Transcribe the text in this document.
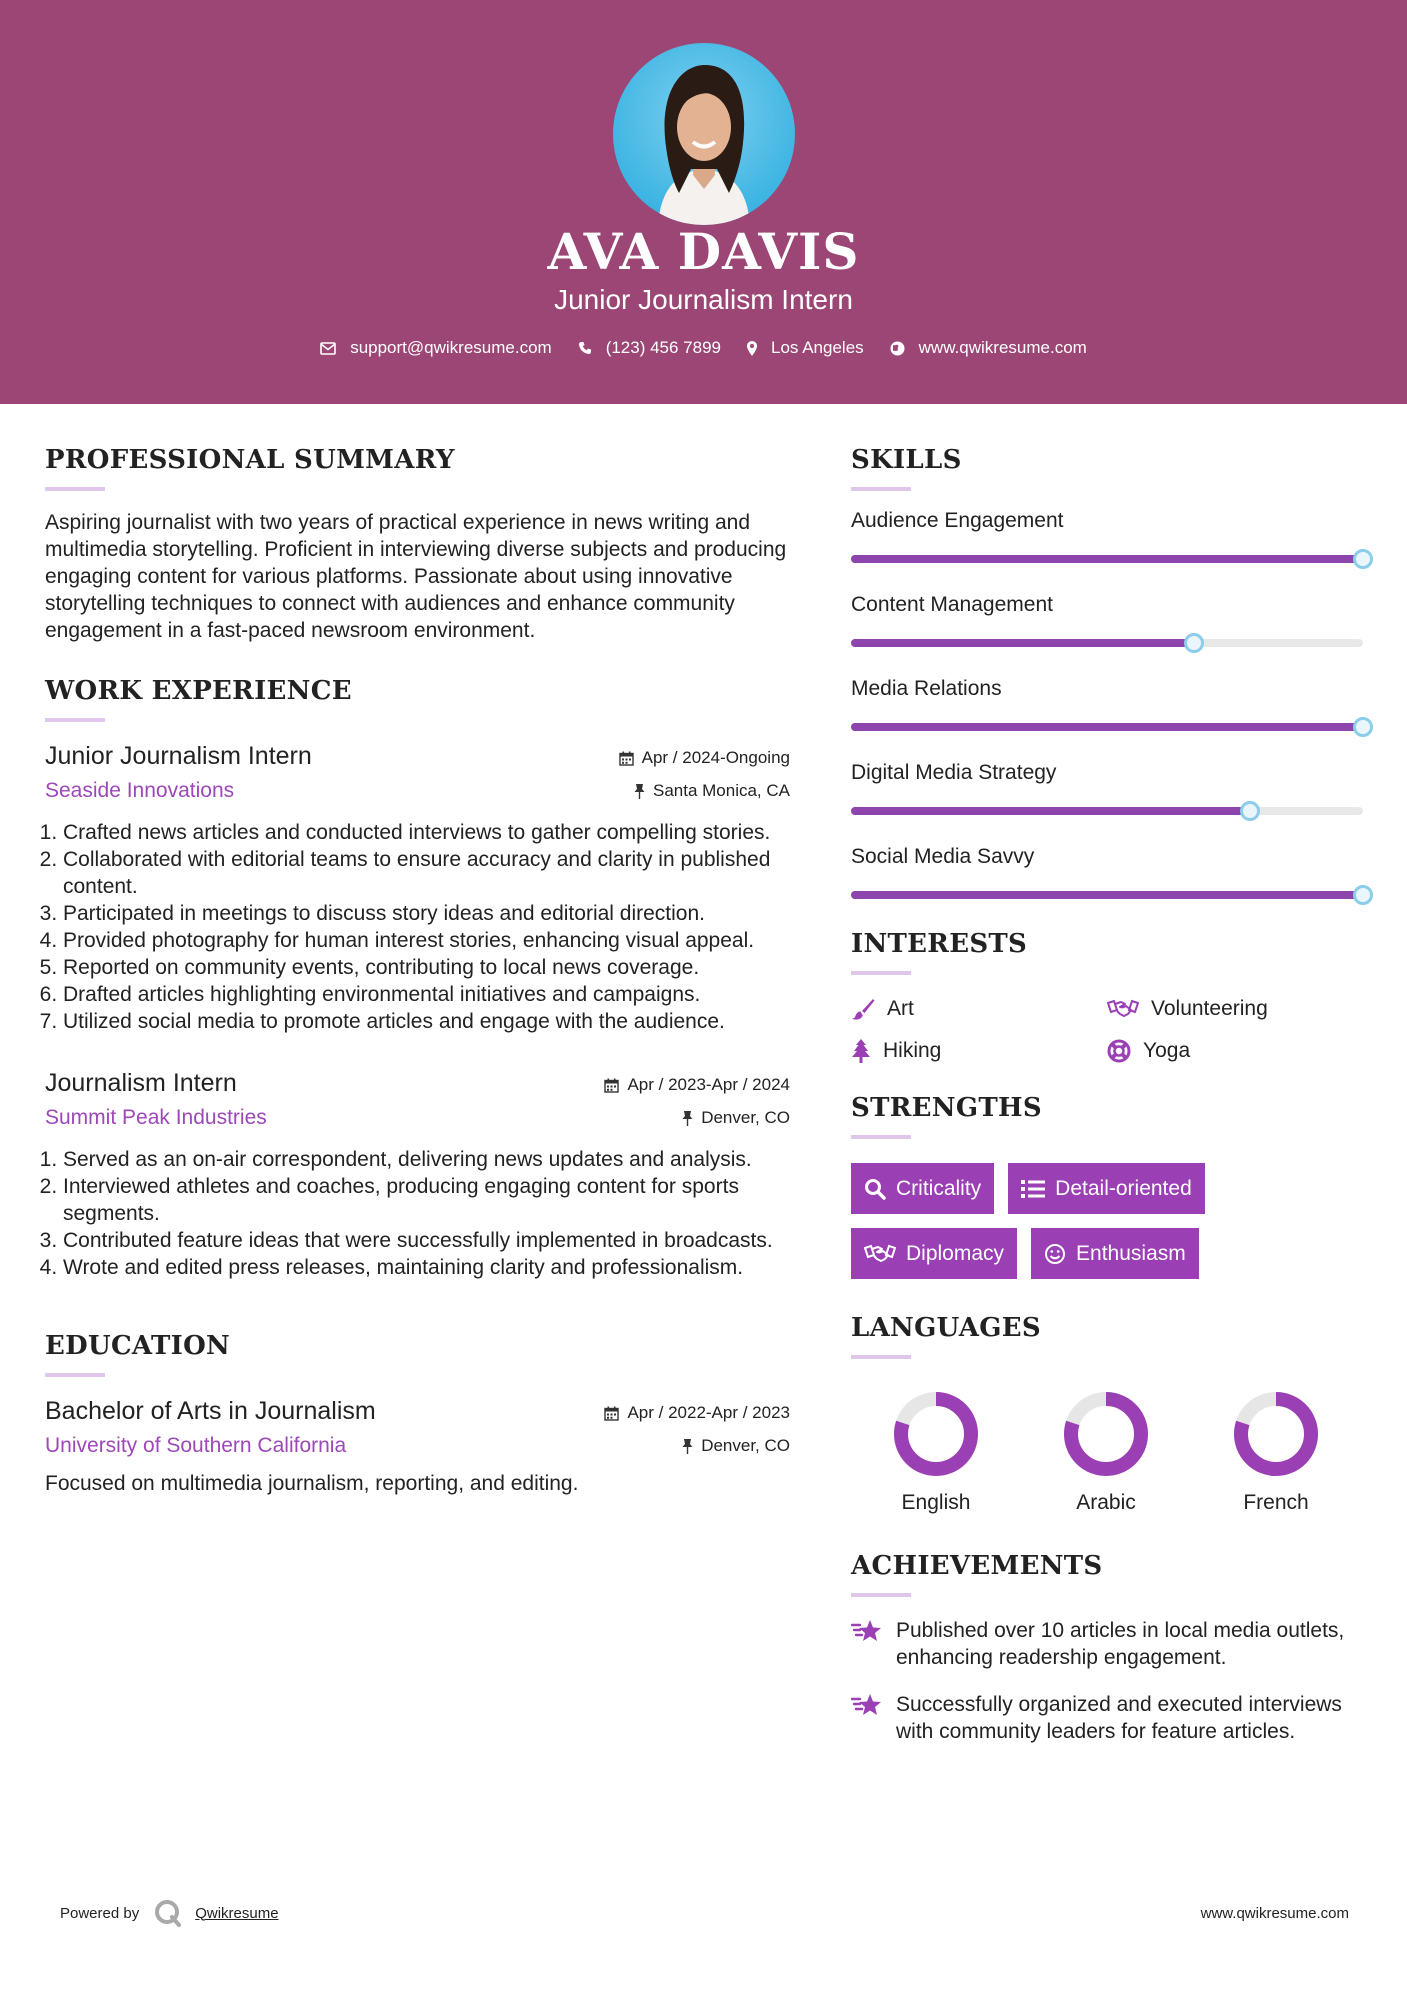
AVA DAVIS
Junior Journalism Intern
support@qwikresume.com	(123) 456 7899	Los Angeles	www.qwikresume.com
PROFESSIONAL SUMMARY

Aspiring journalist with two years of practical experience in news writing and multimedia storytelling. Proficient in interviewing diverse subjects and producing engaging content for various platforms. Passionate about using innovative storytelling techniques to connect with audiences and enhance community engagement in a fast-paced newsroom environment.

WORK EXPERIENCE
Junior Journalism Intern
Seaside Innovations
Apr / 2024-Ongoing
Santa Monica, CA
1. Crafted news articles and conducted interviews to gather compelling stories.
2. Collaborated with editorial teams to ensure accuracy and clarity in published content.
3. Participated in meetings to discuss story ideas and editorial direction.
4. Provided photography for human interest stories, enhancing visual appeal.
5. Reported on community events, contributing to local news coverage.
6. Drafted articles highlighting environmental initiatives and campaigns.
7. Utilized social media to promote articles and engage with the audience.
Journalism Intern
Summit Peak Industries
Apr / 2023-Apr / 2024
Denver, CO
1. Served as an on-air correspondent, delivering news updates and analysis.
2. Interviewed athletes and coaches, producing engaging content for sports segments.
3. Contributed feature ideas that were successfully implemented in broadcasts.
4. Wrote and edited press releases, maintaining clarity and professionalism.
EDUCATION
Bachelor of Arts in Journalism
University of Southern California
Apr / 2022-Apr / 2023
Denver, CO

Focused on multimedia journalism, reporting, and editing.

SKILLS
Audience Engagement
Content Management
Media Relations
Digital Media Strategy
Social Media Savvy
INTERESTS
Art	Volunteering
Hiking	Yoga
STRENGTHS
Criticality	Detail-oriented
Diplomacy	Enthusiasm
LANGUAGES
English	Arabic	French
ACHIEVEMENTS
Published over 10 articles in local media outlets, enhancing readership engagement.
Successfully organized and executed interviews with community leaders for feature articles.
Powered by	Qwikresume	www.qwikresume.com
